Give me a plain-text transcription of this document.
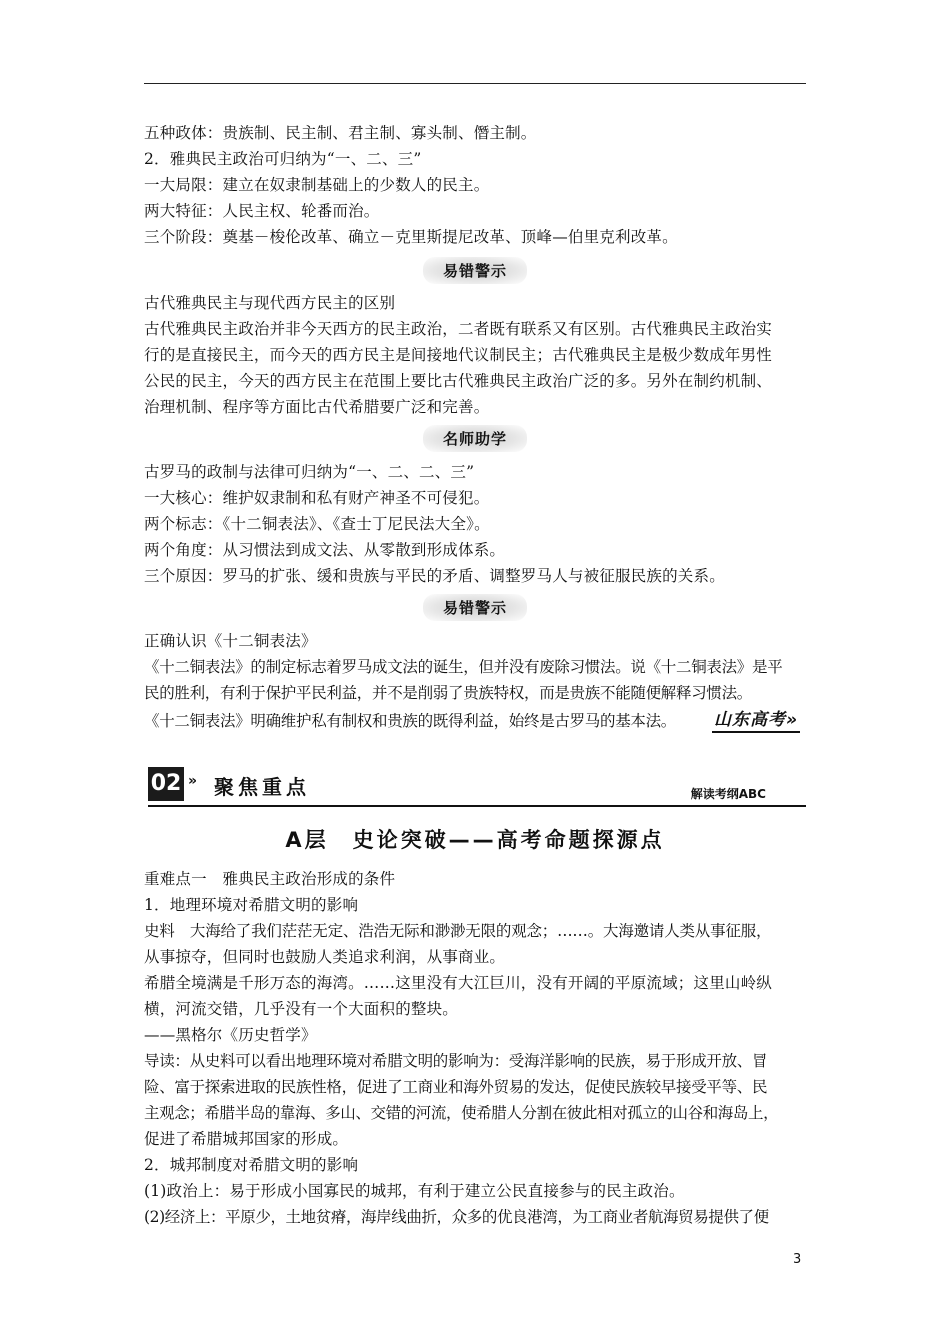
五种政体：贵族制、民主制、君主制、寡头制、僭主制。
2．雅典民主政治可归纳为“一、二、三”
一大局限：建立在奴隶制基础上的少数人的民主。
两大特征：人民主权、轮番而治。
三个阶段：奠基－梭伦改革、确立－克里斯提尼改革、顶峰—伯里克利改革。
易错警示
古代雅典民主与现代西方民主的区别
古代雅典民主政治并非今天西方的民主政治，二者既有联系又有区别。古代雅典民主政治实
行的是直接民主，而今天的西方民主是间接地代议制民主；古代雅典民主是极少数成年男性
公民的民主，今天的西方民主在范围上要比古代雅典民主政治广泛的多。另外在制约机制、
治理机制、程序等方面比古代希腊要广泛和完善。
名师助学
古罗马的政制与法律可归纳为“一、二、二、三”
一大核心：维护奴隶制和私有财产神圣不可侵犯。
两个标志：《十二铜表法》、《查士丁尼民法大全》。
两个角度：从习惯法到成文法、从零散到形成体系。
三个原因：罗马的扩张、缓和贵族与平民的矛盾、调整罗马人与被征服民族的关系。
易错警示
正确认识《十二铜表法》
《十二铜表法》的制定标志着罗马成文法的诞生，但并没有废除习惯法。说《十二铜表法》是平
民的胜利，有利于保护平民利益，并不是削弱了贵族特权，而是贵族不能随便解释习惯法。
《十二铜表法》明确维护私有制权和贵族的既得利益，始终是古罗马的基本法。 山东高考»
02 » 聚焦重点	解读考纲ABC
A层　史论突破——高考命题探源点
重难点一　雅典民主政治形成的条件
1．地理环境对希腊文明的影响
史料　大海给了我们茫茫无定、浩浩无际和渺渺无限的观念；……。大海邀请人类从事征服，
从事掠夺，但同时也鼓励人类追求利润，从事商业。
希腊全境满是千形万态的海湾。……这里没有大江巨川，没有开阔的平原流域；这里山岭纵
横，河流交错，几乎没有一个大面积的整块。
——黑格尔《历史哲学》
导读：从史料可以看出地理环境对希腊文明的影响为：受海洋影响的民族，易于形成开放、冒
险、富于探索进取的民族性格，促进了工商业和海外贸易的发达，促使民族较早接受平等、民
主观念；希腊半岛的靠海、多山、交错的河流，使希腊人分割在彼此相对孤立的山谷和海岛上，
促进了希腊城邦国家的形成。
2．城邦制度对希腊文明的影响
(1)政治上：易于形成小国寡民的城邦，有利于建立公民直接参与的民主政治。
(2)经济上：平原少，土地贫瘠，海岸线曲折，众多的优良港湾，为工商业者航海贸易提供了便
3
